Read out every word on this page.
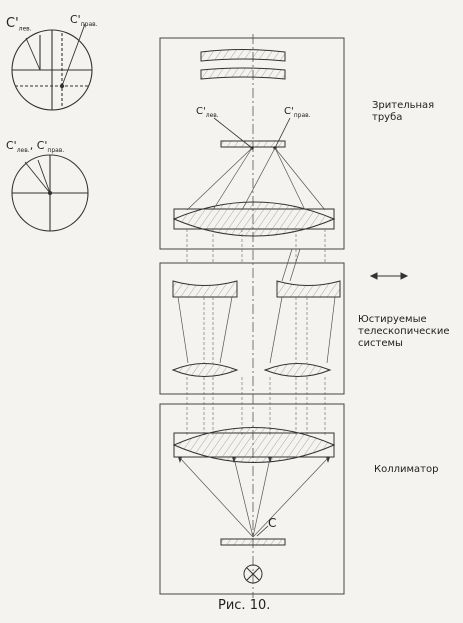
$C'_{лев.}$
$C'_{прав.}$
$C'_{лев.}$, $C'_{прав.}$
$C'_{лев.}$	$C'_{прав.}$
C
Зрительная
труба
Юстируемые
телескопические
системы
Коллиматор
Рис. 10.
